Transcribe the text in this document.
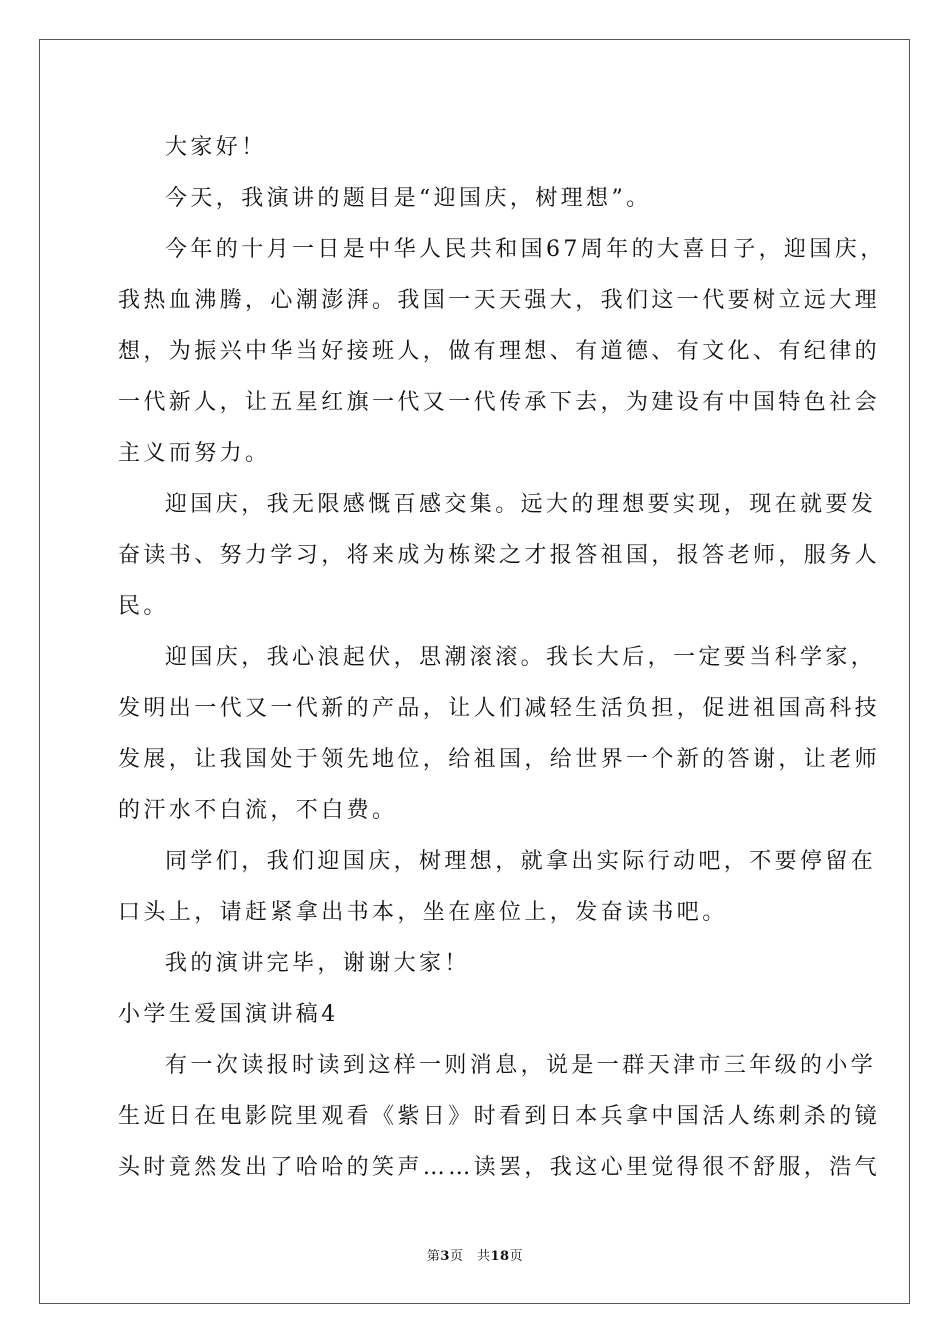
大家好！
今天，我演讲的题目是“迎国庆，树理想”。
今年的十月一日是中华人民共和国67周年的大喜日子，迎国庆，
我热血沸腾，心潮澎湃。我国一天天强大，我们这一代要树立远大理
想，为振兴中华当好接班人，做有理想、有道德、有文化、有纪律的
一代新人，让五星红旗一代又一代传承下去，为建设有中国特色社会
主义而努力。
迎国庆，我无限感慨百感交集。远大的理想要实现，现在就要发
奋读书、努力学习，将来成为栋梁之才报答祖国，报答老师，服务人
民。
迎国庆，我心浪起伏，思潮滚滚。我长大后，一定要当科学家，
发明出一代又一代新的产品，让人们减轻生活负担，促进祖国高科技
发展，让我国处于领先地位，给祖国，给世界一个新的答谢，让老师
的汗水不白流，不白费。
同学们，我们迎国庆，树理想，就拿出实际行动吧，不要停留在
口头上，请赶紧拿出书本，坐在座位上，发奋读书吧。
我的演讲完毕，谢谢大家！
小学生爱国演讲稿4
有一次读报时读到这样一则消息，说是一群天津市三年级的小学
生近日在电影院里观看《紫日》时看到日本兵拿中国活人练刺杀的镜
头时竟然发出了哈哈的笑声……读罢，我这心里觉得很不舒服，浩气
第3页　共18页
